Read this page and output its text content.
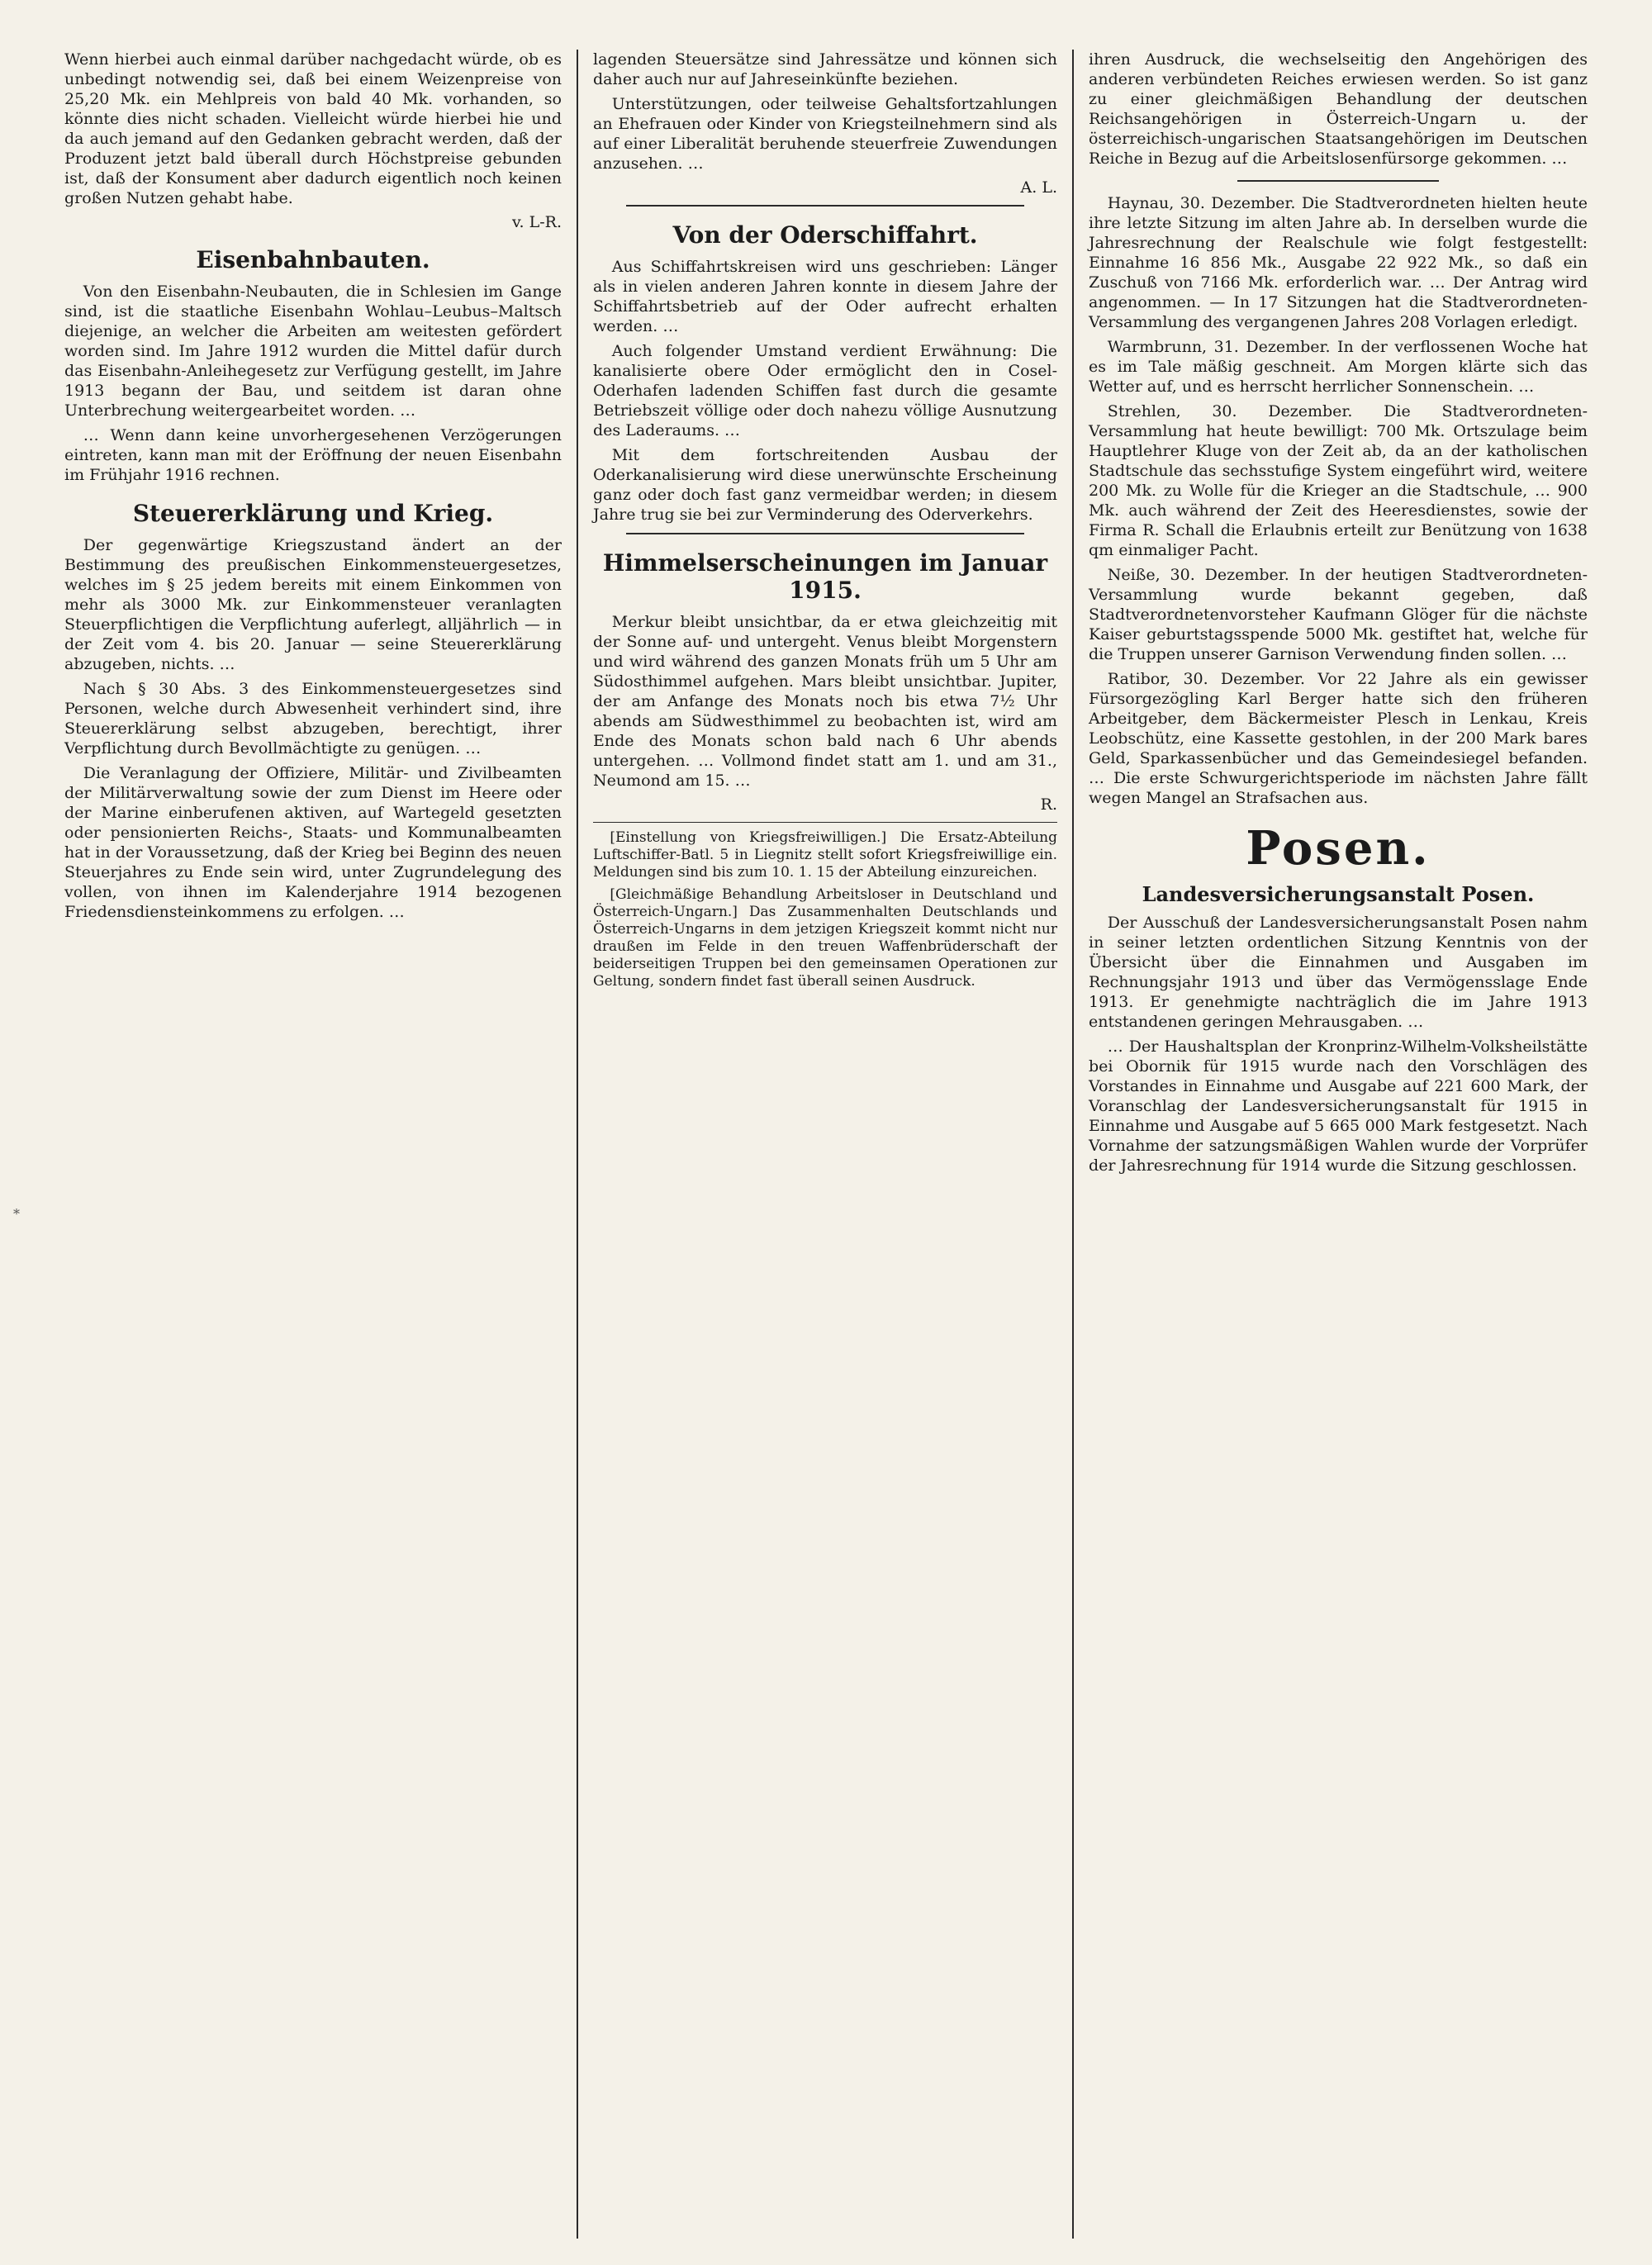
*

Wenn hierbei auch einmal darüber nachgedacht würde, ob es unbedingt notwendig sei, daß bei einem Weizenpreise von 25,20 Mk. ein Mehlpreis von bald 40 Mk. vorhanden, so könnte dies nicht schaden. Vielleicht würde hierbei hie und da auch jemand auf den Gedanken gebracht werden, daß der Produzent jetzt bald überall durch Höchstpreise gebunden ist, daß der Konsument aber dadurch eigentlich noch keinen großen Nutzen gehabt habe.

v. L-R.
Eisenbahnbauten.

Von den Eisenbahn-Neubauten, die in Schlesien im Gange sind, ist die staatliche Eisenbahn Wohlau–Leubus–Maltsch diejenige, an welcher die Arbeiten am weitesten gefördert worden sind. Im Jahre 1912 wurden die Mittel dafür durch das Eisenbahn-Anleihegesetz zur Verfügung gestellt, im Jahre 1913 begann der Bau, und seitdem ist daran ohne Unterbrechung weitergearbeitet worden. …

… Wenn dann keine unvorhergesehenen Verzögerungen eintreten, kann man mit der Eröffnung der neuen Eisenbahn im Frühjahr 1916 rechnen.

Steuererklärung und Krieg.

Der gegenwärtige Kriegszustand ändert an der Bestimmung des preußischen Einkommensteuergesetzes, welches im § 25 jedem bereits mit einem Einkommen von mehr als 3000 Mk. zur Einkommensteuer veranlagten Steuerpflichtigen die Verpflichtung auferlegt, alljährlich — in der Zeit vom 4. bis 20. Januar — seine Steuererklärung abzugeben, nichts. …

Nach § 30 Abs. 3 des Einkommensteuergesetzes sind Personen, welche durch Abwesenheit verhindert sind, ihre Steuererklärung selbst abzugeben, berechtigt, ihrer Verpflichtung durch Bevollmächtigte zu genügen. …

Die Veranlagung der Offiziere, Militär- und Zivilbeamten der Militärverwaltung sowie der zum Dienst im Heere oder der Marine einberufenen aktiven, auf Wartegeld gesetzten oder pensionierten Reichs-, Staats- und Kommunalbeamten hat in der Voraussetzung, daß der Krieg bei Beginn des neuen Steuerjahres zu Ende sein wird, unter Zugrundelegung des vollen, von ihnen im Kalenderjahre 1914 bezogenen Friedensdiensteinkommens zu erfolgen. …

lagenden Steuersätze sind Jahressätze und können sich daher auch nur auf Jahreseinkünfte beziehen.

Unterstützungen, oder teilweise Gehaltsfortzahlungen an Ehefrauen oder Kinder von Kriegsteilnehmern sind als auf einer Liberalität beruhende steuerfreie Zuwendungen anzusehen. …

A. L.
Von der Oderschiffahrt.

Aus Schiffahrtskreisen wird uns geschrieben: Länger als in vielen anderen Jahren konnte in diesem Jahre der Schiffahrtsbetrieb auf der Oder aufrecht erhalten werden. …

Auch folgender Umstand verdient Erwähnung: Die kanalisierte obere Oder ermöglicht den in Cosel-Oderhafen ladenden Schiffen fast durch die gesamte Betriebszeit völlige oder doch nahezu völlige Ausnutzung des Laderaums. …

Mit dem fortschreitenden Ausbau der Oderkanalisierung wird diese unerwünschte Erscheinung ganz oder doch fast ganz vermeidbar werden; in diesem Jahre trug sie bei zur Verminderung des Oderverkehrs.

Himmelserscheinungen im Januar 1915.

Merkur bleibt unsichtbar, da er etwa gleichzeitig mit der Sonne auf- und untergeht. Venus bleibt Morgenstern und wird während des ganzen Monats früh um 5 Uhr am Südosthimmel aufgehen. Mars bleibt unsichtbar. Jupiter, der am Anfange des Monats noch bis etwa 7½ Uhr abends am Südwesthimmel zu beobachten ist, wird am Ende des Monats schon bald nach 6 Uhr abends untergehen. … Vollmond findet statt am 1. und am 31., Neumond am 15. …

R.

[Einstellung von Kriegsfreiwilligen.] Die Ersatz-Abteilung Luftschiffer-Batl. 5 in Liegnitz stellt sofort Kriegsfreiwillige ein. Meldungen sind bis zum 10. 1. 15 der Abteilung einzureichen.

[Gleichmäßige Behandlung Arbeitsloser in Deutschland und Österreich-Ungarn.] Das Zusammenhalten Deutschlands und Österreich-Ungarns in dem jetzigen Kriegszeit kommt nicht nur draußen im Felde in den treuen Waffenbrüderschaft der beiderseitigen Truppen bei den gemeinsamen Operationen zur Geltung, sondern findet fast überall seinen Ausdruck.

ihren Ausdruck, die wechselseitig den Angehörigen des anderen verbündeten Reiches erwiesen werden. So ist ganz zu einer gleichmäßigen Behandlung der deutschen Reichsangehörigen in Österreich-Ungarn u. der österreichisch-ungarischen Staatsangehörigen im Deutschen Reiche in Bezug auf die Arbeitslosenfürsorge gekommen. …

Haynau, 30. Dezember. Die Stadtverordneten hielten heute ihre letzte Sitzung im alten Jahre ab. In derselben wurde die Jahresrechnung der Realschule wie folgt festgestellt: Einnahme 16 856 Mk., Ausgabe 22 922 Mk., so daß ein Zuschuß von 7166 Mk. erforderlich war. … Der Antrag wird angenommen. — In 17 Sitzungen hat die Stadtverordneten-Versammlung des vergangenen Jahres 208 Vorlagen erledigt.

Warmbrunn, 31. Dezember. In der verflossenen Woche hat es im Tale mäßig geschneit. Am Morgen klärte sich das Wetter auf, und es herrscht herrlicher Sonnenschein. …

Strehlen, 30. Dezember. Die Stadtverordneten-Versammlung hat heute bewilligt: 700 Mk. Ortszulage beim Hauptlehrer Kluge von der Zeit ab, da an der katholischen Stadtschule das sechsstufige System eingeführt wird, weitere 200 Mk. zu Wolle für die Krieger an die Stadtschule, … 900 Mk. auch während der Zeit des Heeresdienstes, sowie der Firma R. Schall die Erlaubnis erteilt zur Benützung von 1638 qm einmaliger Pacht.

Neiße, 30. Dezember. In der heutigen Stadtverordneten-Versammlung wurde bekannt gegeben, daß Stadtverordnetenvorsteher Kaufmann Glöger für die nächste Kaiser geburtstagsspende 5000 Mk. gestiftet hat, welche für die Truppen unserer Garnison Verwendung finden sollen. …

Ratibor, 30. Dezember. Vor 22 Jahre als ein gewisser Fürsorgezögling Karl Berger hatte sich den früheren Arbeitgeber, dem Bäckermeister Plesch in Lenkau, Kreis Leobschütz, eine Kassette gestohlen, in der 200 Mark bares Geld, Sparkassenbücher und das Gemeindesiegel befanden. … Die erste Schwurgerichtsperiode im nächsten Jahre fällt wegen Mangel an Strafsachen aus.

Posen.
Landesversicherungsanstalt Posen.

Der Ausschuß der Landesversicherungsanstalt Posen nahm in seiner letzten ordentlichen Sitzung Kenntnis von der Übersicht über die Einnahmen und Ausgaben im Rechnungsjahr 1913 und über das Vermögensslage Ende 1913. Er genehmigte nachträglich die im Jahre 1913 entstandenen geringen Mehrausgaben. …

… Der Haushaltsplan der Kronprinz-Wilhelm-Volksheilstätte bei Obornik für 1915 wurde nach den Vorschlägen des Vorstandes in Einnahme und Ausgabe auf 221 600 Mark, der Voranschlag der Landesversicherungsanstalt für 1915 in Einnahme und Ausgabe auf 5 665 000 Mark festgesetzt. Nach Vornahme der satzungsmäßigen Wahlen wurde der Vorprüfer der Jahresrechnung für 1914 wurde die Sitzung geschlossen.
